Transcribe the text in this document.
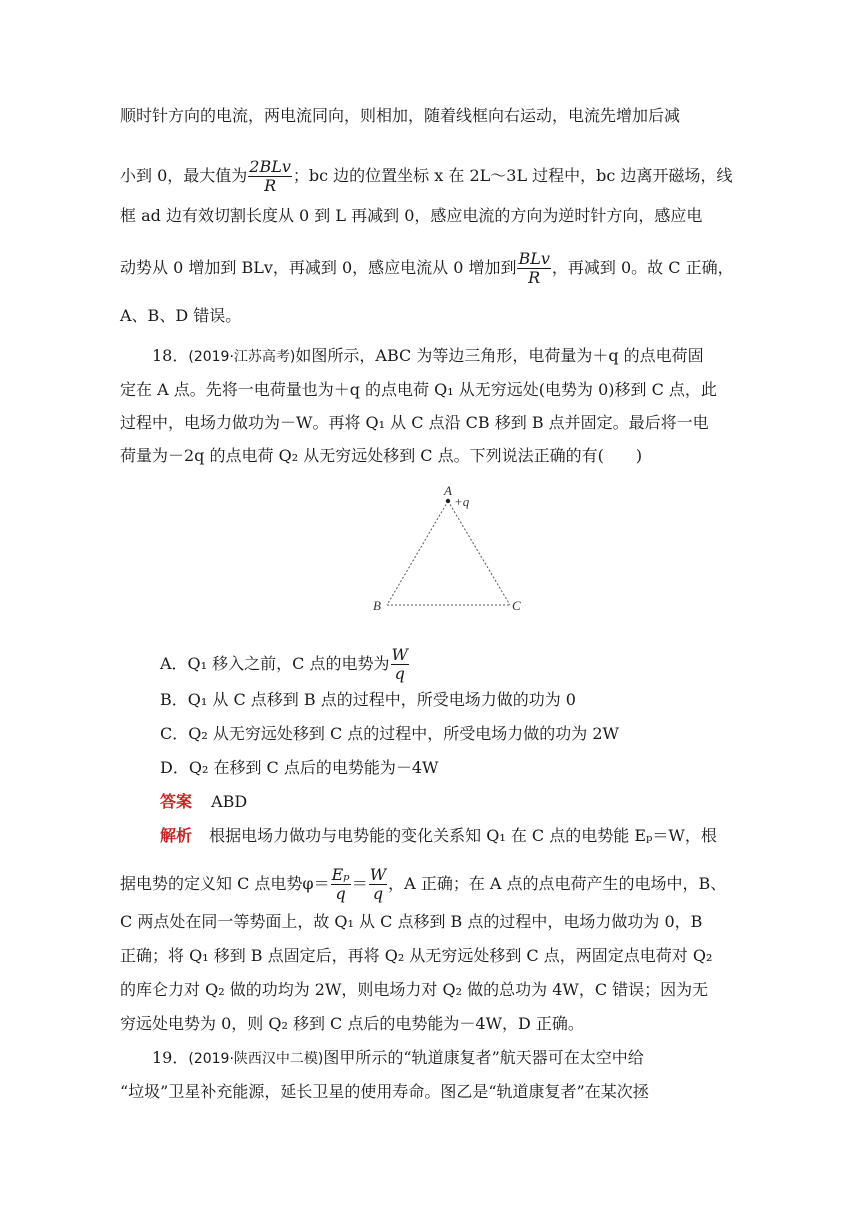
顺时针方向的电流，两电流同向，则相加，随着线框向右运动，电流先增加后减
小到 0，最大值为 $\frac{\text{2BLv}}{R}$ ；bc 边的位置坐标 x 在 2L～3L 过程中，bc 边离开磁场，线
框 ad 边有效切割长度从 0 到 L 再减到 0，感应电流的方向为逆时针方向，感应电
动势从 0 增加到 BLv，再减到 0，感应电流从 0 增加到 $\frac{\text{BLv}}{R}$ ，再减到 0。故 C 正确，
A、B、D 错误。
18．(2019·江苏高考)如图所示，ABC 为等边三角形，电荷量为＋q 的点电荷固
定在 A 点。先将一电荷量也为＋q 的点电荷 Q₁ 从无穷远处(电势为 0)移到 C 点，此
过程中，电场力做功为－W。再将 Q₁ 从 C 点沿 CB 移到 B 点并固定。最后将一电
荷量为－2q 的点电荷 Q₂ 从无穷远处移到 C 点。下列说法正确的有(　　)
A
+q
B	C
A．Q₁ 移入之前，C 点的电势为 $\frac{W}{q}$
B．Q₁ 从 C 点移到 B 点的过程中，所受电场力做的功为 0
C．Q₂ 从无穷远处移到 C 点的过程中，所受电场力做的功为 2W
D．Q₂ 在移到 C 点后的电势能为－4W
答案 ABD
解析 根据电场力做功与电势能的变化关系知 Q₁ 在 C 点的电势能 Eₚ＝W，根
据电势的定义知 C 点电势$\varphi= \frac{\text{Eₚ}}{q} = \frac{W}{q}$ ，A 正确；在 A 点的点电荷产生的电场中，B、
C 两点处在同一等势面上，故 Q₁ 从 C 点移到 B 点的过程中，电场力做功为 0，B
正确；将 Q₁ 移到 B 点固定后，再将 Q₂ 从无穷远处移到 C 点，两固定点电荷对 Q₂
的库仑力对 Q₂ 做的功均为 2W，则电场力对 Q₂ 做的总功为 4W，C 错误；因为无
穷远处电势为 0，则 Q₂ 移到 C 点后的电势能为－4W，D 正确。
19．(2019·陕西汉中二模)图甲所示的“轨道康复者”航天器可在太空中给
“垃圾”卫星补充能源，延长卫星的使用寿命。图乙是“轨道康复者”在某次拯
